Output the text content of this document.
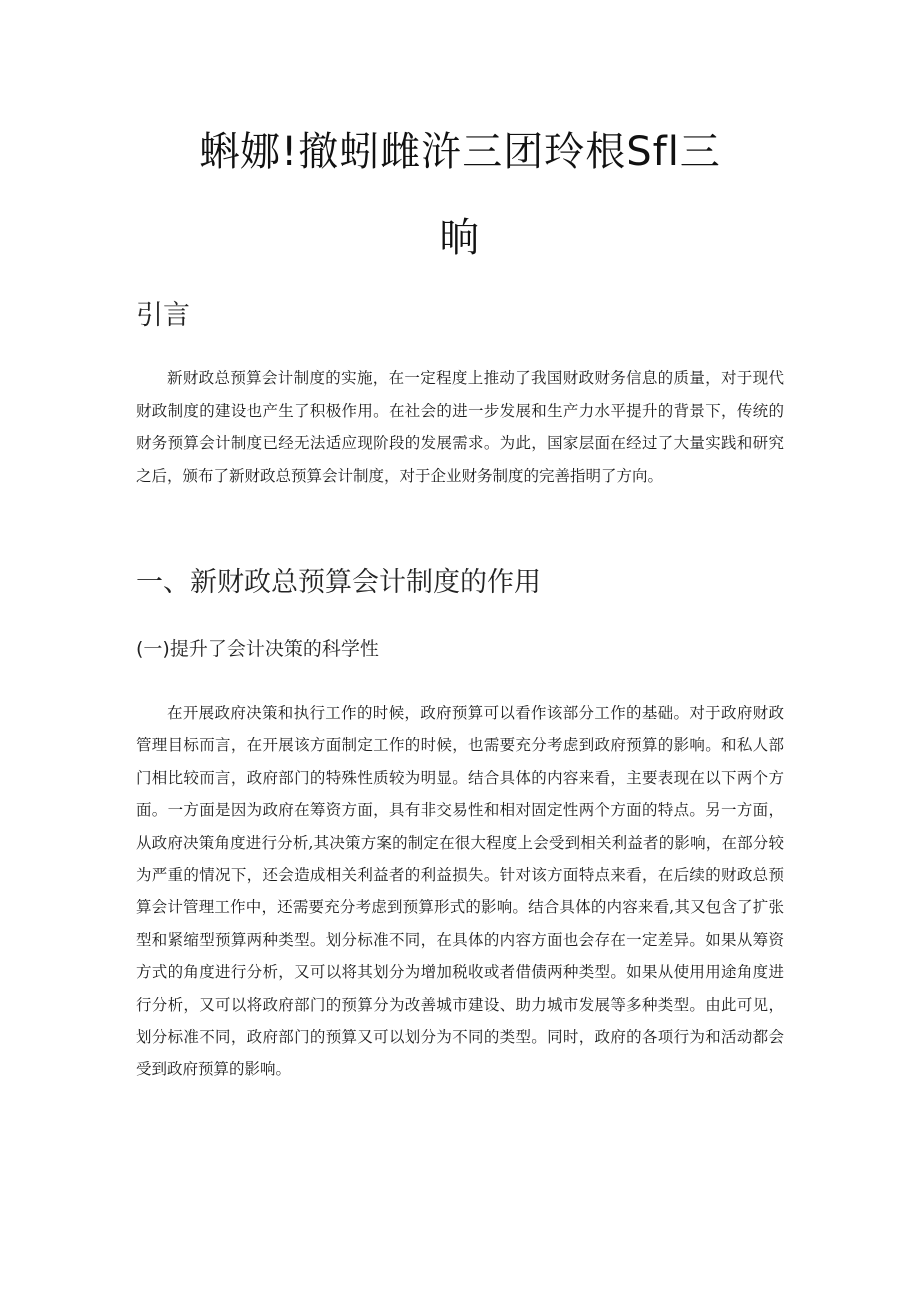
蝌娜!撤蚓雌浒三团玲根Sfl三
晌
引言

新财政总预算会计制度的实施，在一定程度上推动了我国财政财务信息的质量，对于现代财政制度的建设也产生了积极作用。在社会的进一步发展和生产力水平提升的背景下，传统的财务预算会计制度已经无法适应现阶段的发展需求。为此，国家层面在经过了大量实践和研究之后，颁布了新财政总预算会计制度，对于企业财务制度的完善指明了方向。

一、新财政总预算会计制度的作用
(一)提升了会计决策的科学性

在开展政府决策和执行工作的时候，政府预算可以看作该部分工作的基础。对于政府财政管理目标而言，在开展该方面制定工作的时候，也需要充分考虑到政府预算的影响。和私人部门相比较而言，政府部门的特殊性质较为明显。结合具体的内容来看，主要表现在以下两个方面。一方面是因为政府在筹资方面，具有非交易性和相对固定性两个方面的特点。另一方面，从政府决策角度进行分析,其决策方案的制定在很大程度上会受到相关利益者的影响，在部分较为严重的情况下，还会造成相关利益者的利益损失。针对该方面特点来看，在后续的财政总预算会计管理工作中，还需要充分考虑到预算形式的影响。结合具体的内容来看,其又包含了扩张型和紧缩型预算两种类型。划分标准不同，在具体的内容方面也会存在一定差异。如果从筹资方式的角度进行分析，又可以将其划分为增加税收或者借债两种类型。如果从使用用途角度进行分析，又可以将政府部门的预算分为改善城市建设、助力城市发展等多种类型。由此可见，划分标准不同，政府部门的预算又可以划分为不同的类型。同时，政府的各项行为和活动都会受到政府预算的影响。
